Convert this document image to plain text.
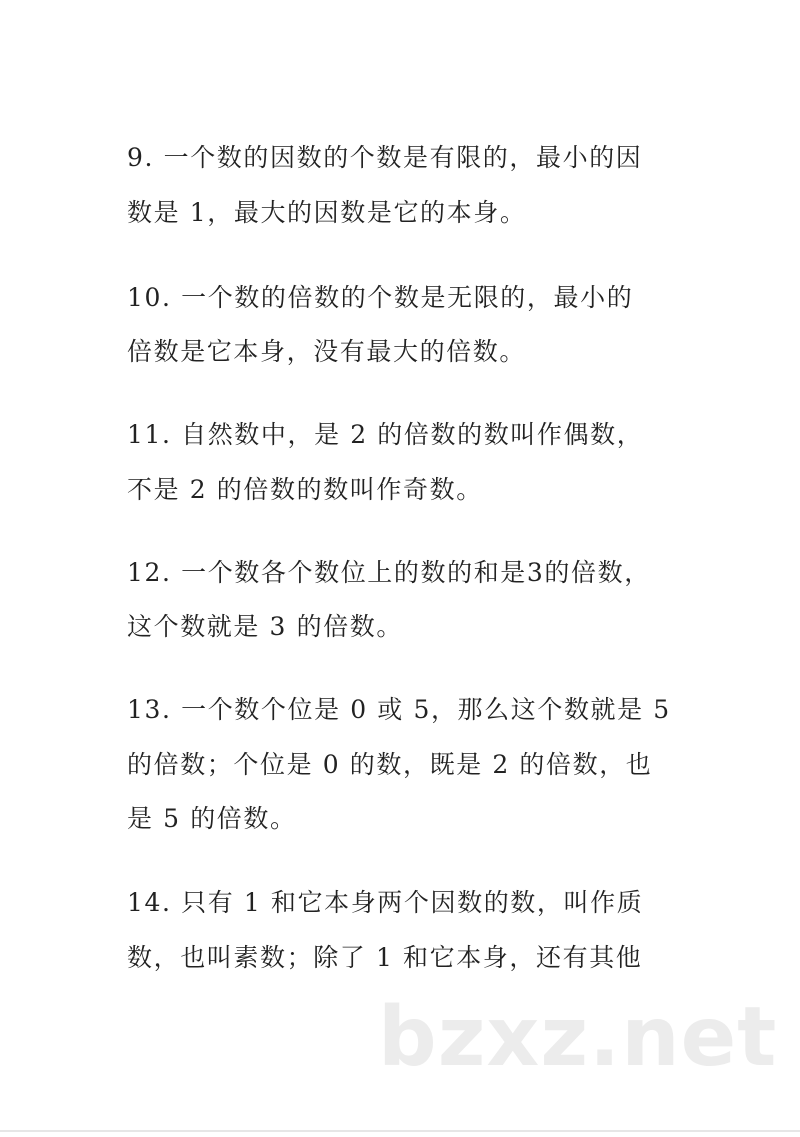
9. 一个数的因数的个数是有限的，最小的因
数是 1，最大的因数是它的本身。
10. 一个数的倍数的个数是无限的，最小的
倍数是它本身，没有最大的倍数。
11. 自然数中，是 2 的倍数的数叫作偶数，
不是 2 的倍数的数叫作奇数。
12. 一个数各个数位上的数的和是3的倍数，
这个数就是 3 的倍数。
13. 一个数个位是 0 或 5，那么这个数就是 5
的倍数；个位是 0 的数，既是 2 的倍数，也
是 5 的倍数。
14. 只有 1 和它本身两个因数的数，叫作质
数，也叫素数；除了 1 和它本身，还有其他
bzxz.net
